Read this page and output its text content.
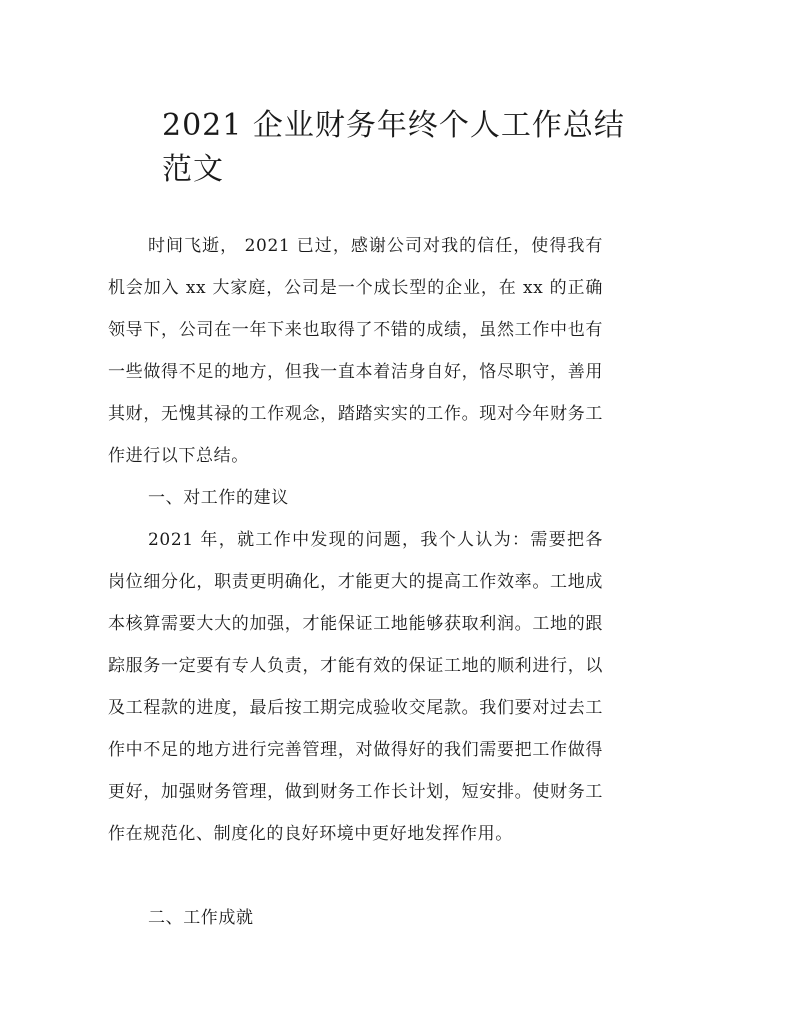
2021 企业财务年终个人工作总结范文

时间飞逝， 2021 已过，感谢公司对我的信任，使得我有机会加入 xx 大家庭，公司是一个成长型的企业，在 xx 的正确领导下，公司在一年下来也取得了不错的成绩，虽然工作中也有一些做得不足的地方，但我一直本着洁身自好，恪尽职守，善用其财，无愧其禄的工作观念，踏踏实实的工作。现对今年财务工作进行以下总结。

一、对工作的建议

2021 年，就工作中发现的问题，我个人认为：需要把各岗位细分化，职责更明确化，才能更大的提高工作效率。工地成本核算需要大大的加强，才能保证工地能够获取利润。工地的跟踪服务一定要有专人负责，才能有效的保证工地的顺利进行，以及工程款的进度，最后按工期完成验收交尾款。我们要对过去工作中不足的地方进行完善管理，对做得好的我们需要把工作做得更好，加强财务管理，做到财务工作长计划，短安排。使财务工作在规范化、制度化的良好环境中更好地发挥作用。

二、工作成就
